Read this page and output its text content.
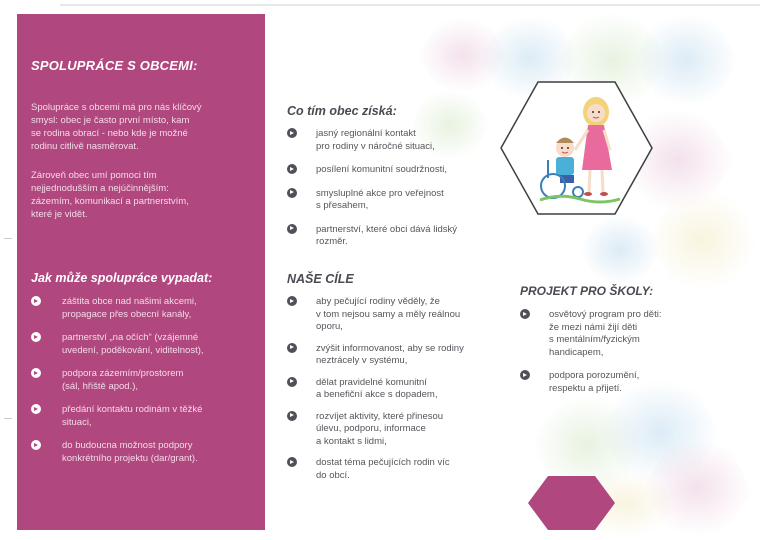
SPOLUPRÁCE S OBCEMI:

Spolupráce s obcemi má pro nás klíčový
smysl: obec je často první místo, kam
se rodina obrací - nebo kde je možné
rodinu citlivě nasměrovat.

Zároveň obec umí pomoci tím
nejjednodušším a nejúčinnějším:
zázemím, komunikací a partnerstvím,
které je vidět.

Jak může spolupráce vypadat:
záštita obce nad našimi akcemi,
propagace přes obecní kanály,
partnerství „na očích“ (vzájemné
uvedení, poděkování, viditelnost),
podpora zázemím/prostorem
(sál, hřiště apod.),
předání kontaktu rodinám v těžké
situaci,
do budoucna možnost podpory
konkrétního projektu (dar/grant).
Co tím obec získá:
jasný regionální kontakt
pro rodiny v náročné situaci,
posílení komunitní soudržnosti,
smysluplné akce pro veřejnost
s přesahem,
partnerství, které obci dává lidský
rozměr.
NAŠE CÍLE
aby pečující rodiny věděly, že
v tom nejsou samy a měly reálnou
oporu,
zvýšit informovanost, aby se rodiny
neztrácely v systému,
dělat pravidelné komunitní
a benefiční akce s dopadem,
rozvíjet aktivity, které přinesou
úlevu, podporu, informace
a kontakt s lidmi,
dostat téma pečujících rodin víc
do obcí.
PROJEKT PRO ŠKOLY:
osvětový program pro děti:
že mezi námi žijí děti
s mentálním/fyzickým
handicapem,
podpora porozumění,
respektu a přijetí.
